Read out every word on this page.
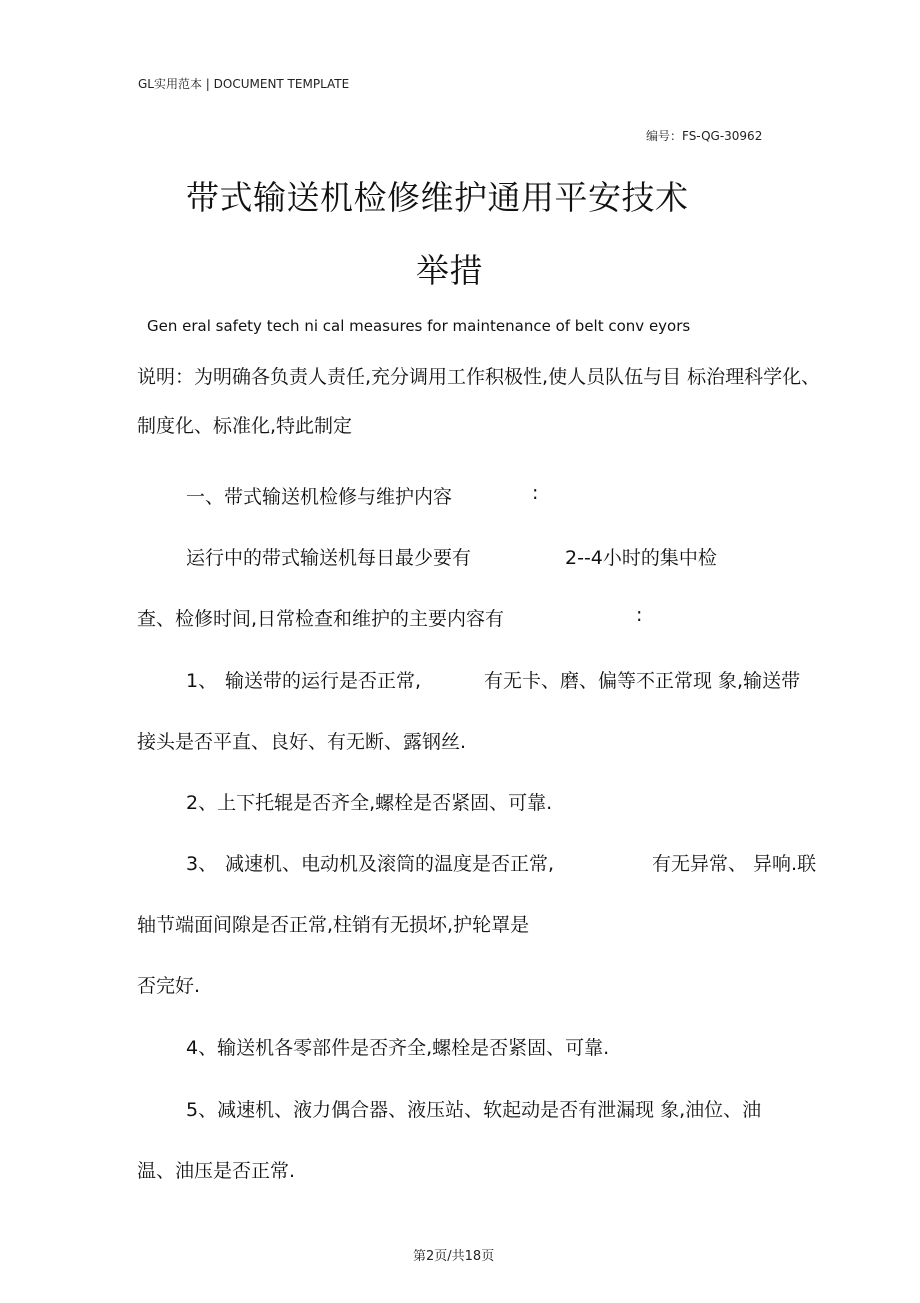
GL实用范本 | DOCUMENT TEMPLATE
编号：FS-QG-30962
带式输送机检修维护通用平安技术
举措
Gen eral safety tech ni cal measures for maintenance of belt conv eyors
说明：为明确各负责人责任,充分调用工作积极性,使人员队伍与目 标治理科学化、
制度化、标准化,特此制定
一、带式输送机检修与维护内容	:
运行中的带式输送机每日最少要有	2--4小时的集中检
查、检修时间,日常检查和维护的主要内容有	:
1、 输送带的运行是否正常,	有无卡、磨、偏等不正常现 象,输送带
接头是否平直、良好、有无断、露钢丝.
2、上下托辊是否齐全,螺栓是否紧固、可靠.
3、 减速机、电动机及滚筒的温度是否正常,	有无异常、 异响.联
轴节端面间隙是否正常,柱销有无损坏,护轮罩是
否完好.
4、输送机各零部件是否齐全,螺栓是否紧固、可靠.
5、减速机、液力偶合器、液压站、软起动是否有泄漏现 象,油位、油
温、油压是否正常.
第2页/共18页
